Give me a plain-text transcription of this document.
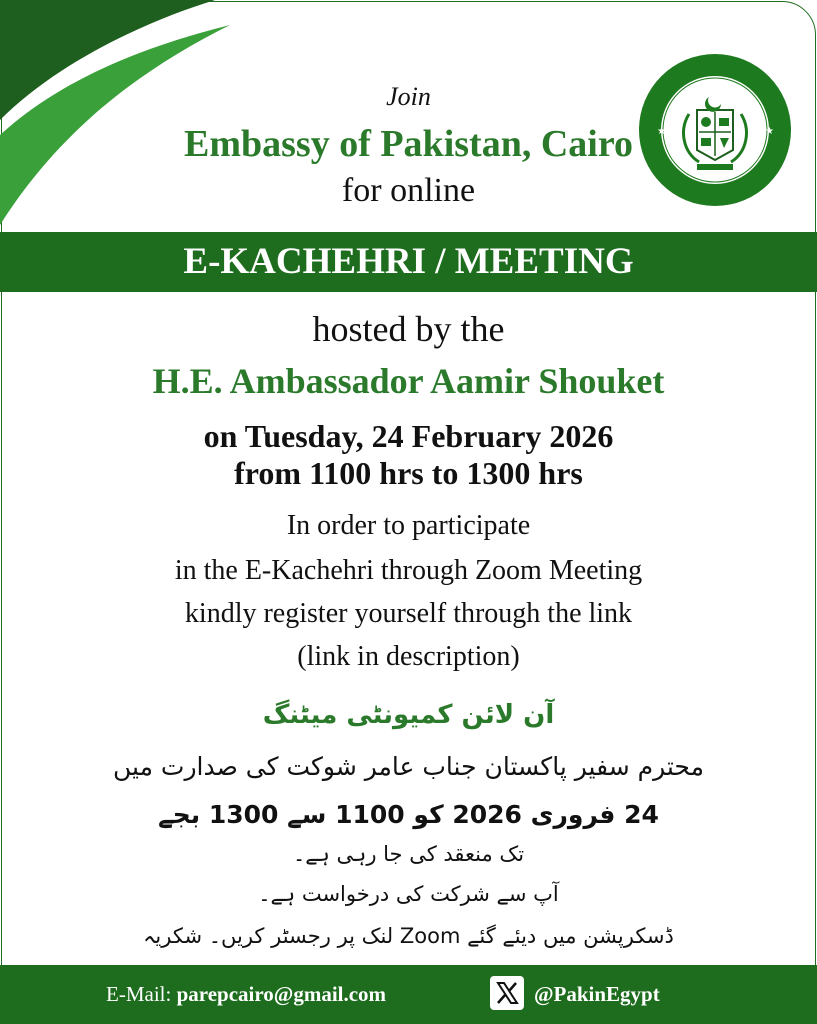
Join
Embassy of Pakistan, Cairo
for online
★	★
E-KACHEHRI / MEETING
hosted by the
H.E. Ambassador Aamir Shouket
on Tuesday, 24 February 2026
from 1100 hrs to 1300 hrs
In order to participate
in the E-Kachehri through Zoom Meeting
kindly register yourself through the link
(link in description)
آن لائن کمیونٹی میٹنگ
محترم سفیر پاکستان جناب عامر شوکت کی صدارت میں
24 فروری 2026 کو 1100 سے 1300 بجے
تک منعقد کی جا رہی ہے۔
آپ سے شرکت کی درخواست ہے۔
ڈسکرپشن میں دیئے گئے Zoom لنک پر رجسٹر کریں۔ شکریہ
E-Mail: parepcairo@gmail.com	@PakinEgypt
